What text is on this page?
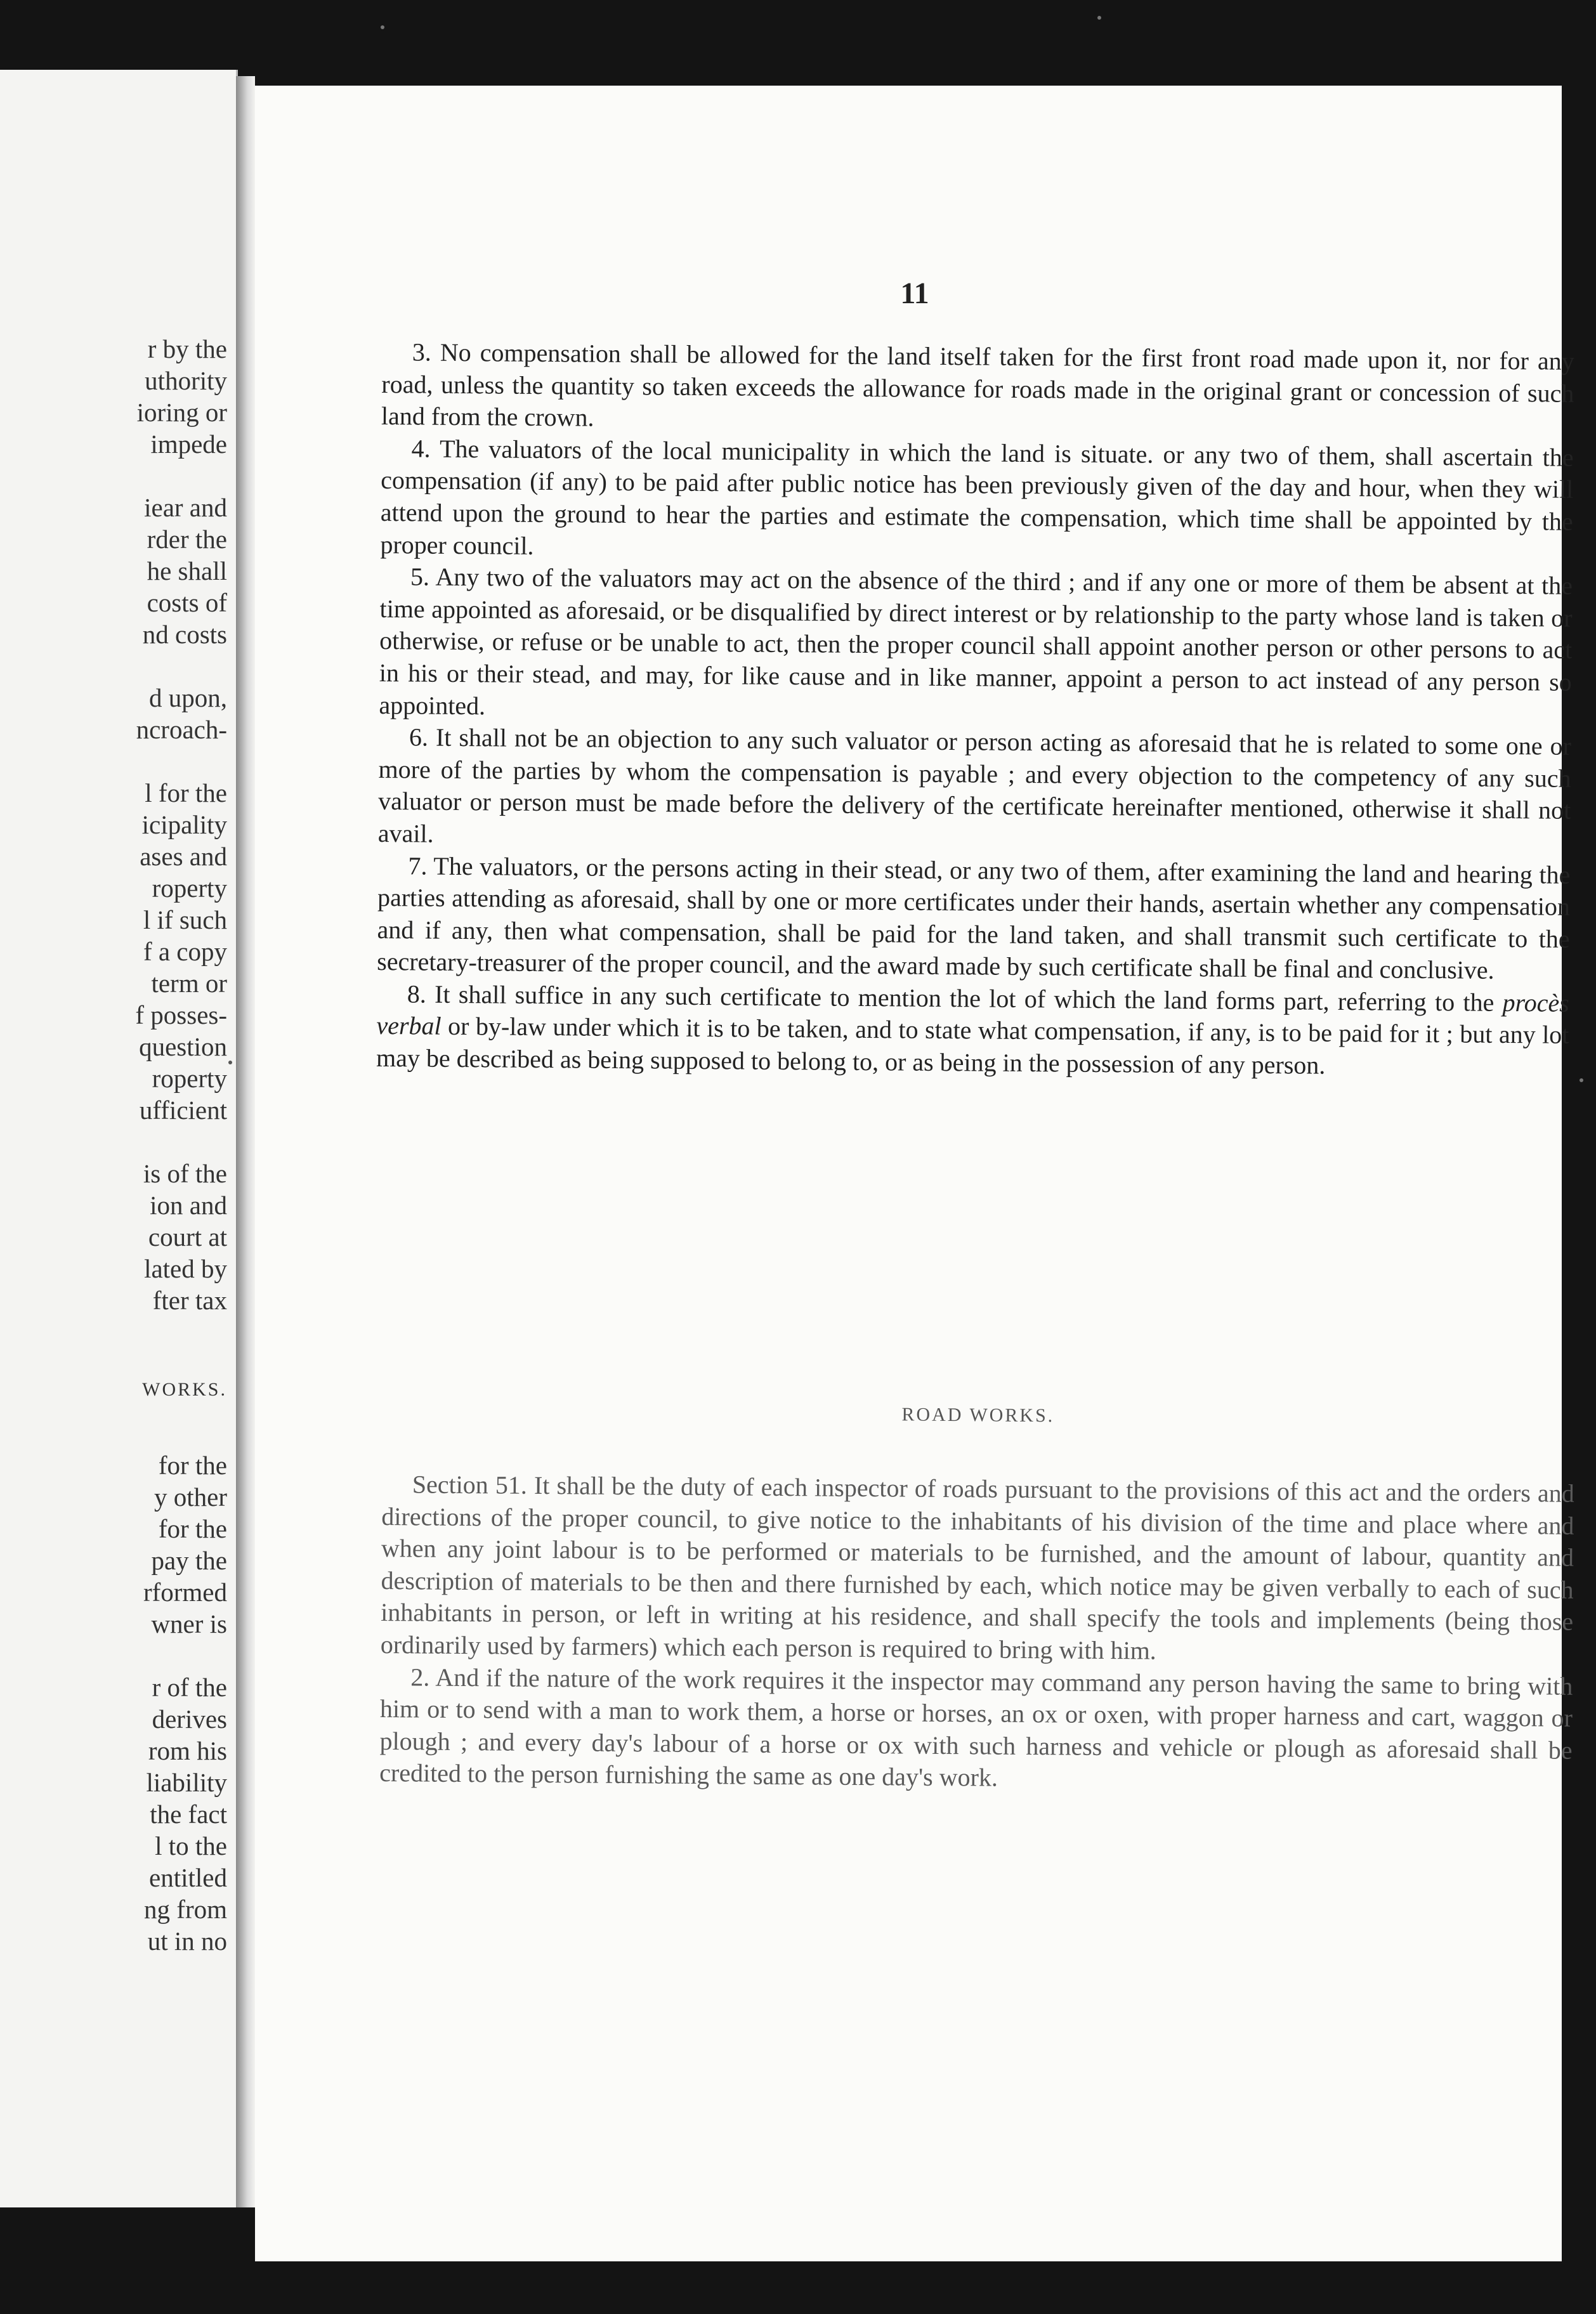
r by the
uthority
ioring or
impede
iear and
rder the
he shall
costs of
nd costs
d upon,
ncroach-
l for the
icipality
ases and
roperty
l if such
f a copy
term or
f posses-
question
roperty
ufficient
is of the
ion and
court at
lated by
fter tax
WORKS.
for the
y other
for the
pay the
rformed
wner is
r of the
derives
rom his
liability
the fact
l to the
entitled
ng from
ut in no
11

3. No compensation shall be allowed for the land itself taken for the first front road made upon it, nor for any road, unless the quantity so taken exceeds the allowance for roads made in the original grant or concession of such land from the crown.

4. The valuators of the local municipality in which the land is situate. or any two of them, shall ascertain the compensation (if any) to be paid after public notice has been previously given of the day and hour, when they will attend upon the ground to hear the parties and estimate the compensation, which time shall be appointed by the proper council.

5. Any two of the valuators may act on the absence of the third ; and if any one or more of them be absent at the time appointed as aforesaid, or be disqualified by direct interest or by relationship to the party whose land is taken or otherwise, or refuse or be unable to act, then the proper council shall appoint another person or other persons to act in his or their stead, and may, for like cause and in like manner, appoint a person to act instead of any person so appointed.

6. It shall not be an objection to any such valuator or person acting as aforesaid that he is related to some one or more of the parties by whom the compensation is payable ; and every objection to the competency of any such valuator or person must be made before the delivery of the certificate hereinafter mentioned, otherwise it shall not avail.

7. The valuators, or the persons acting in their stead, or any two of them, after examining the land and hearing the parties attending as aforesaid, shall by one or more certificates under their hands, asertain whether any compensation and if any, then what compensation, shall be paid for the land taken, and shall transmit such certificate to the secretary-treasurer of the proper council, and the award made by such certificate shall be final and conclusive.

8. It shall suffice in any such certificate to mention the lot of which the land forms part, referring to the procès verbal or by-law under which it is to be taken, and to state what compensation, if any, is to be paid for it ; but any lot may be described as being supposed to belong to, or as being in the possession of any person.

ROAD WORKS.

Section 51. It shall be the duty of each inspector of roads pursuant to the provisions of this act and the orders and directions of the proper council, to give notice to the inhabitants of his division of the time and place where and when any joint labour is to be performed or materials to be furnished, and the amount of labour, quantity and description of materials to be then and there furnished by each, which notice may be given verbally to each of such inhabitants in person, or left in writing at his residence, and shall specify the tools and implements (being those ordinarily used by farmers) which each person is required to bring with him.

2. And if the nature of the work requires it the inspector may command any person having the same to bring with him or to send with a man to work them, a horse or horses, an ox or oxen, with proper harness and cart, waggon or plough ; and every day's labour of a horse or ox with such harness and vehicle or plough as aforesaid shall be credited to the person furnishing the same as one day's work.
